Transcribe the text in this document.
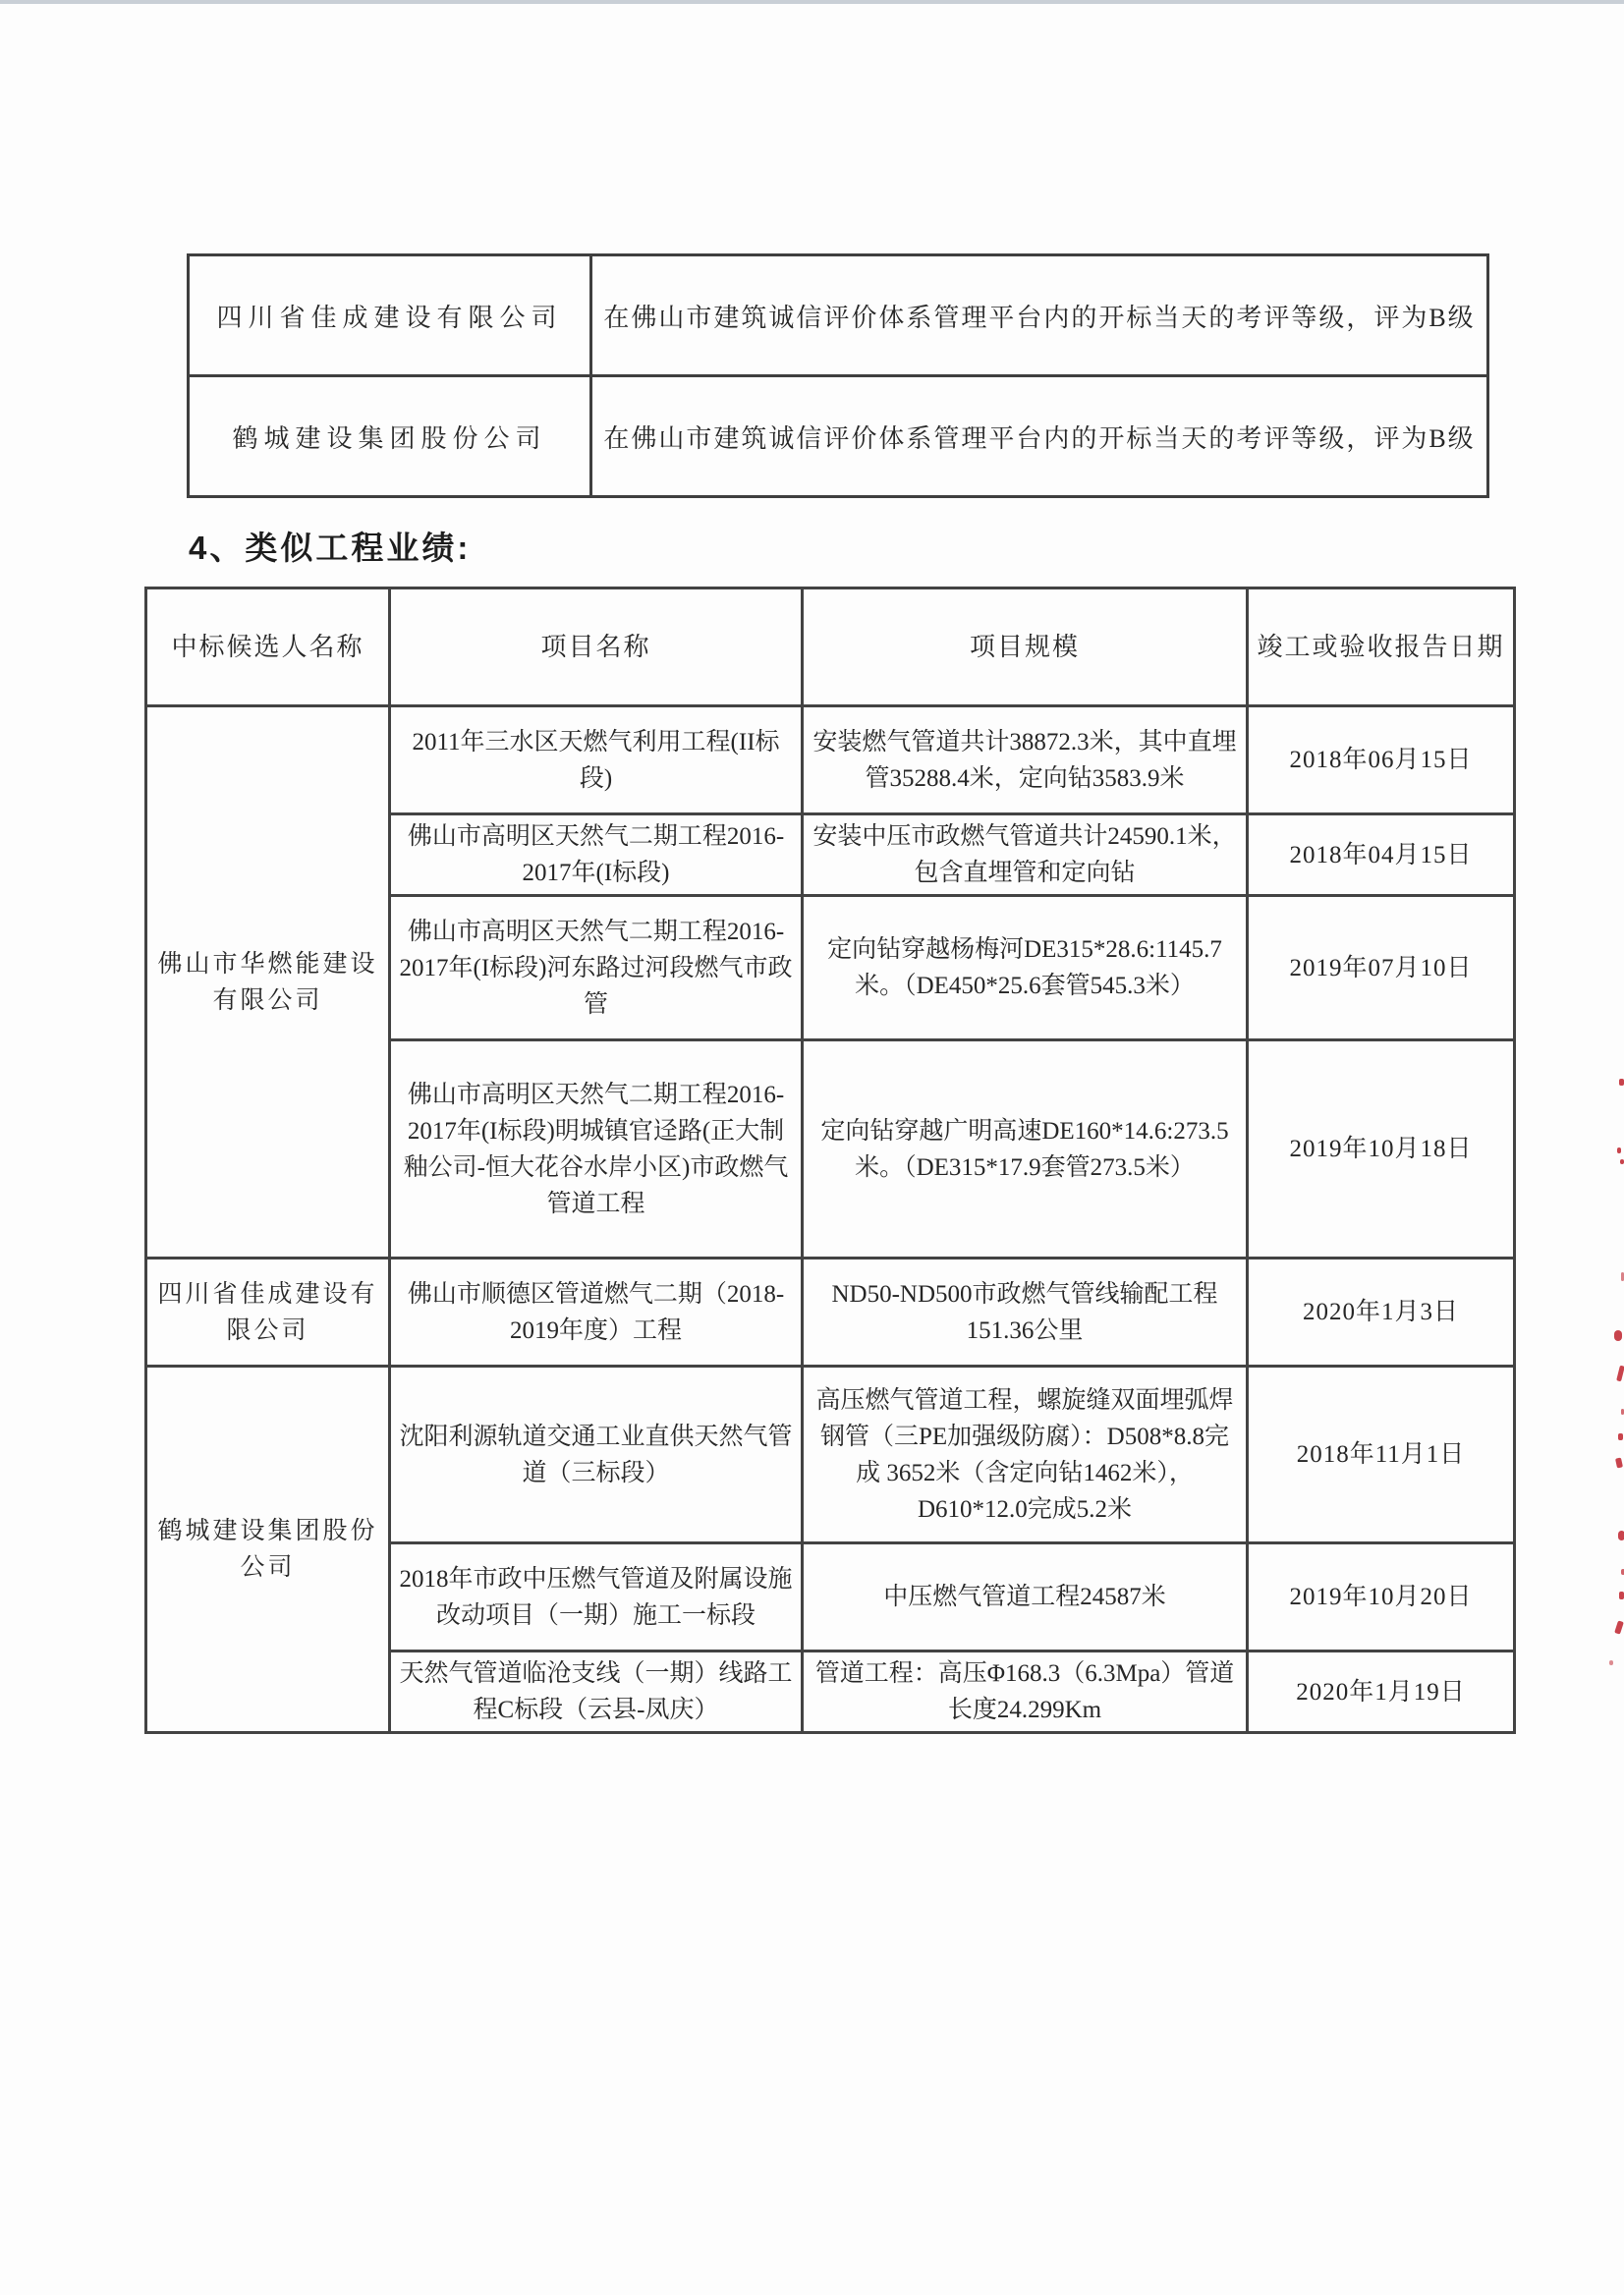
四川省佳成建设有限公司	在佛山市建筑诚信评价体系管理平台内的开标当天的考评等级，评为B级
鹤城建设集团股份公司	在佛山市建筑诚信评价体系管理平台内的开标当天的考评等级，评为B级
4、类似工程业绩:
中标候选人名称	项目名称	项目规模	竣工或验收报告日期
佛山市华燃能建设有限公司	2011年三水区天燃气利用工程(II标段)	安装燃气管道共计38872.3米，其中直埋管35288.4米，定向钻3583.9米	2018年06月15日
	佛山市高明区天然气二期工程2016-2017年(I标段)	安装中压市政燃气管道共计24590.1米，包含直埋管和定向钻	2018年04月15日
	佛山市高明区天然气二期工程2016-2017年(I标段)河东路过河段燃气市政管	定向钻穿越杨梅河DE315*28.6:1145.7米。（DE450*25.6套管545.3米）	2019年07月10日
	佛山市高明区天然气二期工程2016-2017年(I标段)明城镇官迳路(正大制釉公司-恒大花谷水岸小区)市政燃气管道工程	定向钻穿越广明高速DE160*14.6:273.5米。（DE315*17.9套管273.5米）	2019年10月18日
四川省佳成建设有限公司	佛山市顺德区管道燃气二期（2018-2019年度）工程	ND50-ND500市政燃气管线输配工程151.36公里	2020年1月3日
鹤城建设集团股份公司	沈阳利源轨道交通工业直供天然气管道（三标段）	高压燃气管道工程，螺旋缝双面埋弧焊钢管（三PE加强级防腐）：D508*8.8完成 3652米（含定向钻1462米），D610*12.0完成5.2米	2018年11月1日
	2018年市政中压燃气管道及附属设施改动项目（一期）施工一标段	中压燃气管道工程24587米	2019年10月20日
	天然气管道临沧支线（一期）线路工程C标段（云县-凤庆）	管道工程：高压Φ168.3（6.3Mpa）管道长度24.299Km	2020年1月19日
